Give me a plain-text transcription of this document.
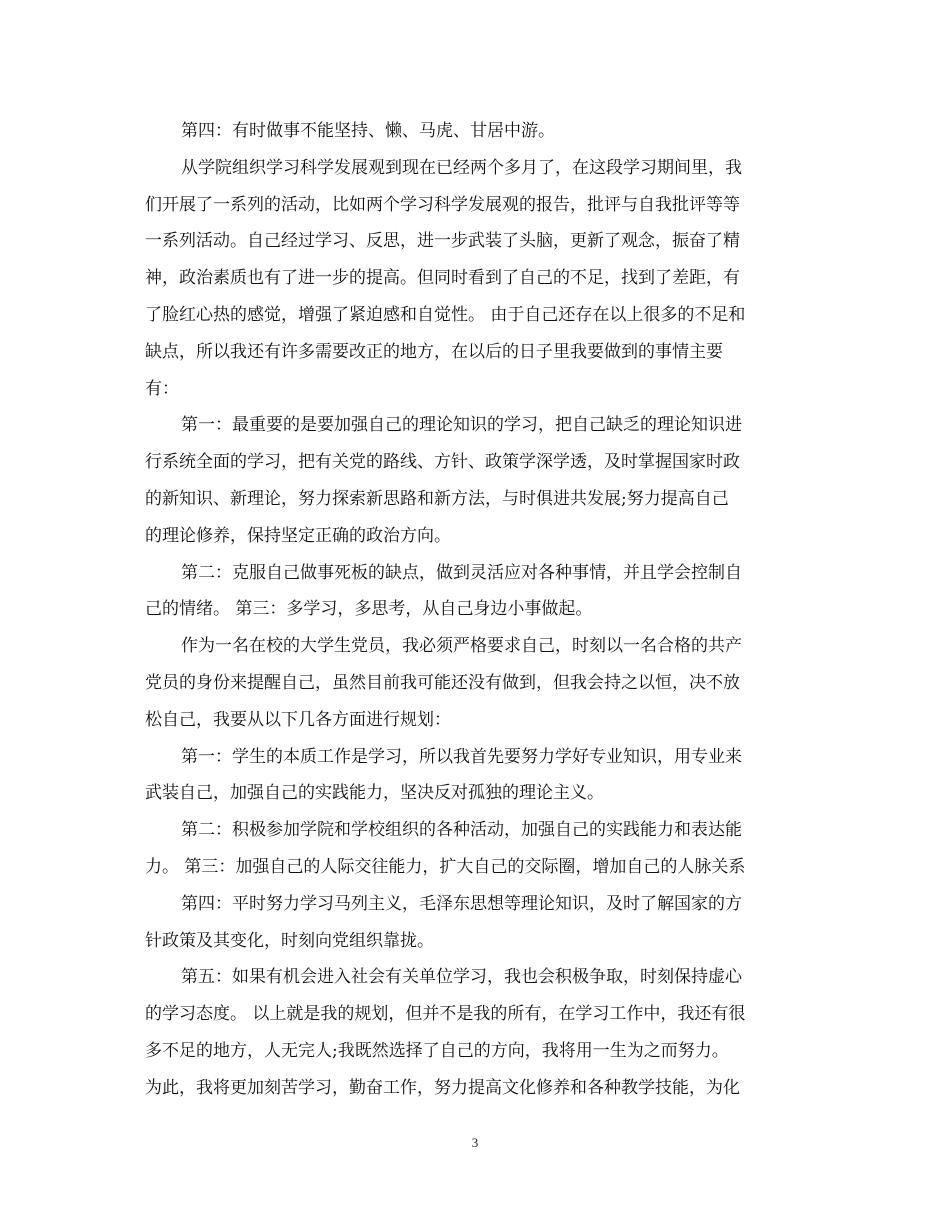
第四：有时做事不能坚持、懒、马虎、甘居中游。
从学院组织学习科学发展观到现在已经两个多月了，在这段学习期间里，我
们开展了一系列的活动，比如两个学习科学发展观的报告，批评与自我批评等等
一系列活动。自己经过学习、反思，进一步武装了头脑，更新了观念，振奋了精
神，政治素质也有了进一步的提高。但同时看到了自己的不足，找到了差距，有
了脸红心热的感觉，增强了紧迫感和自觉性。 由于自己还存在以上很多的不足和
缺点，所以我还有许多需要改正的地方，在以后的日子里我要做到的事情主要
有：
第一：最重要的是要加强自己的理论知识的学习，把自己缺乏的理论知识进
行系统全面的学习，把有关党的路线、方针、政策学深学透，及时掌握国家时政
的新知识、新理论，努力探索新思路和新方法，与时俱进共发展;努力提高自己
的理论修养，保持坚定正确的政治方向。
第二：克服自己做事死板的缺点，做到灵活应对各种事情，并且学会控制自
己的情绪。 第三：多学习，多思考，从自己身边小事做起。
作为一名在校的大学生党员，我必须严格要求自己，时刻以一名合格的共产
党员的身份来提醒自己，虽然目前我可能还没有做到，但我会持之以恒，决不放
松自己，我要从以下几各方面进行规划：
第一：学生的本质工作是学习，所以我首先要努力学好专业知识，用专业来
武装自己，加强自己的实践能力，坚决反对孤独的理论主义。
第二：积极参加学院和学校组织的各种活动，加强自己的实践能力和表达能
力。 第三：加强自己的人际交往能力，扩大自己的交际圈，增加自己的人脉关系
第四：平时努力学习马列主义，毛泽东思想等理论知识，及时了解国家的方
针政策及其变化，时刻向党组织靠拢。
第五：如果有机会进入社会有关单位学习，我也会积极争取，时刻保持虚心
的学习态度。 以上就是我的规划，但并不是我的所有，在学习工作中，我还有很
多不足的地方，人无完人;我既然选择了自己的方向，我将用一生为之而努力。
为此，我将更加刻苦学习，勤奋工作，努力提高文化修养和各种教学技能，为化
3
